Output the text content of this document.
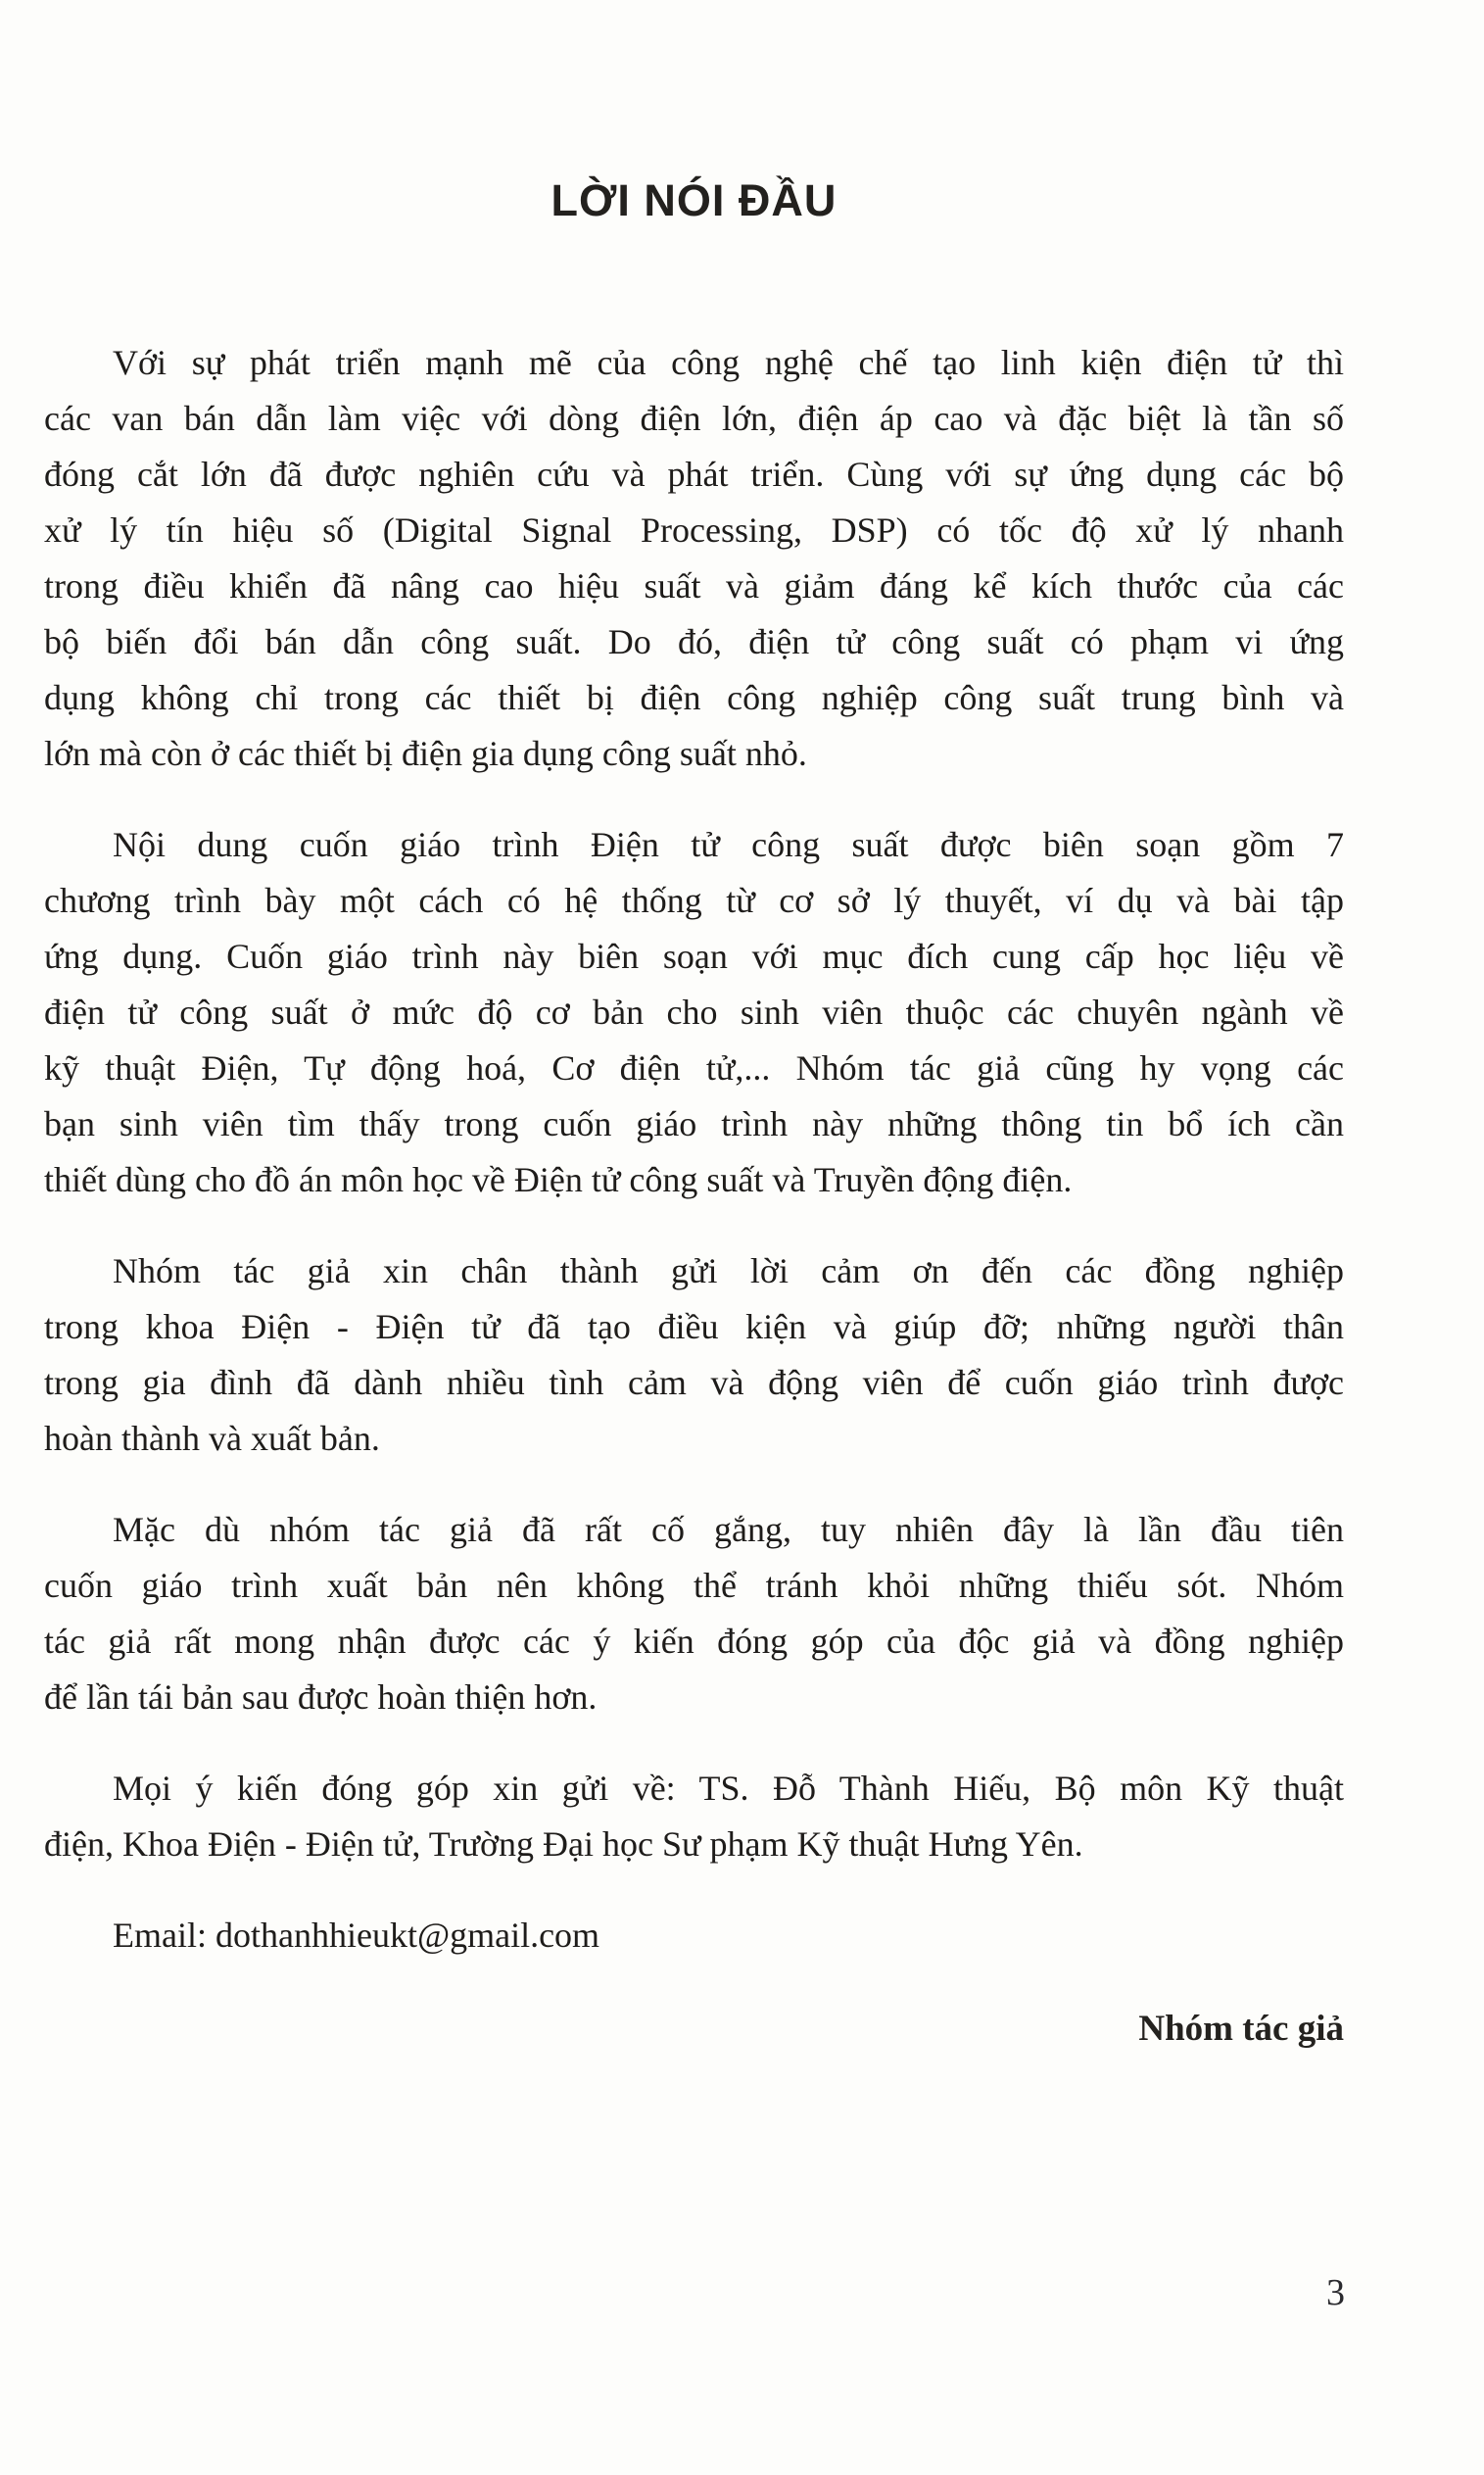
LỜI NÓI ĐẦU
Với sự phát triển mạnh mẽ của công nghệ chế tạo linh kiện điện tử thì
các van bán dẫn làm việc với dòng điện lớn, điện áp cao và đặc biệt là tần số
đóng cắt lớn đã được nghiên cứu và phát triển. Cùng với sự ứng dụng các bộ
xử lý tín hiệu số (Digital Signal Processing, DSP) có tốc độ xử lý nhanh
trong điều khiển đã nâng cao hiệu suất và giảm đáng kể kích thước của các
bộ biến đổi bán dẫn công suất. Do đó, điện tử công suất có phạm vi ứng
dụng không chỉ trong các thiết bị điện công nghiệp công suất trung bình và
lớn mà còn ở các thiết bị điện gia dụng công suất nhỏ.
Nội dung cuốn giáo trình Điện tử công suất được biên soạn gồm 7
chương trình bày một cách có hệ thống từ cơ sở lý thuyết, ví dụ và bài tập
ứng dụng. Cuốn giáo trình này biên soạn với mục đích cung cấp học liệu về
điện tử công suất ở mức độ cơ bản cho sinh viên thuộc các chuyên ngành về
kỹ thuật Điện, Tự động hoá, Cơ điện tử,... Nhóm tác giả cũng hy vọng các
bạn sinh viên tìm thấy trong cuốn giáo trình này những thông tin bổ ích cần
thiết dùng cho đồ án môn học về Điện tử công suất và Truyền động điện.
Nhóm tác giả xin chân thành gửi lời cảm ơn đến các đồng nghiệp
trong khoa Điện - Điện tử đã tạo điều kiện và giúp đỡ; những người thân
trong gia đình đã dành nhiều tình cảm và động viên để cuốn giáo trình được
hoàn thành và xuất bản.
Mặc dù nhóm tác giả đã rất cố gắng, tuy nhiên đây là lần đầu tiên
cuốn giáo trình xuất bản nên không thể tránh khỏi những thiếu sót. Nhóm
tác giả rất mong nhận được các ý kiến đóng góp của độc giả và đồng nghiệp
để lần tái bản sau được hoàn thiện hơn.
Mọi ý kiến đóng góp xin gửi về: TS. Đỗ Thành Hiếu, Bộ môn Kỹ thuật
điện, Khoa Điện - Điện tử, Trường Đại học Sư phạm Kỹ thuật Hưng Yên.
Email: dothanhhieukt@gmail.com
Nhóm tác giả
3
